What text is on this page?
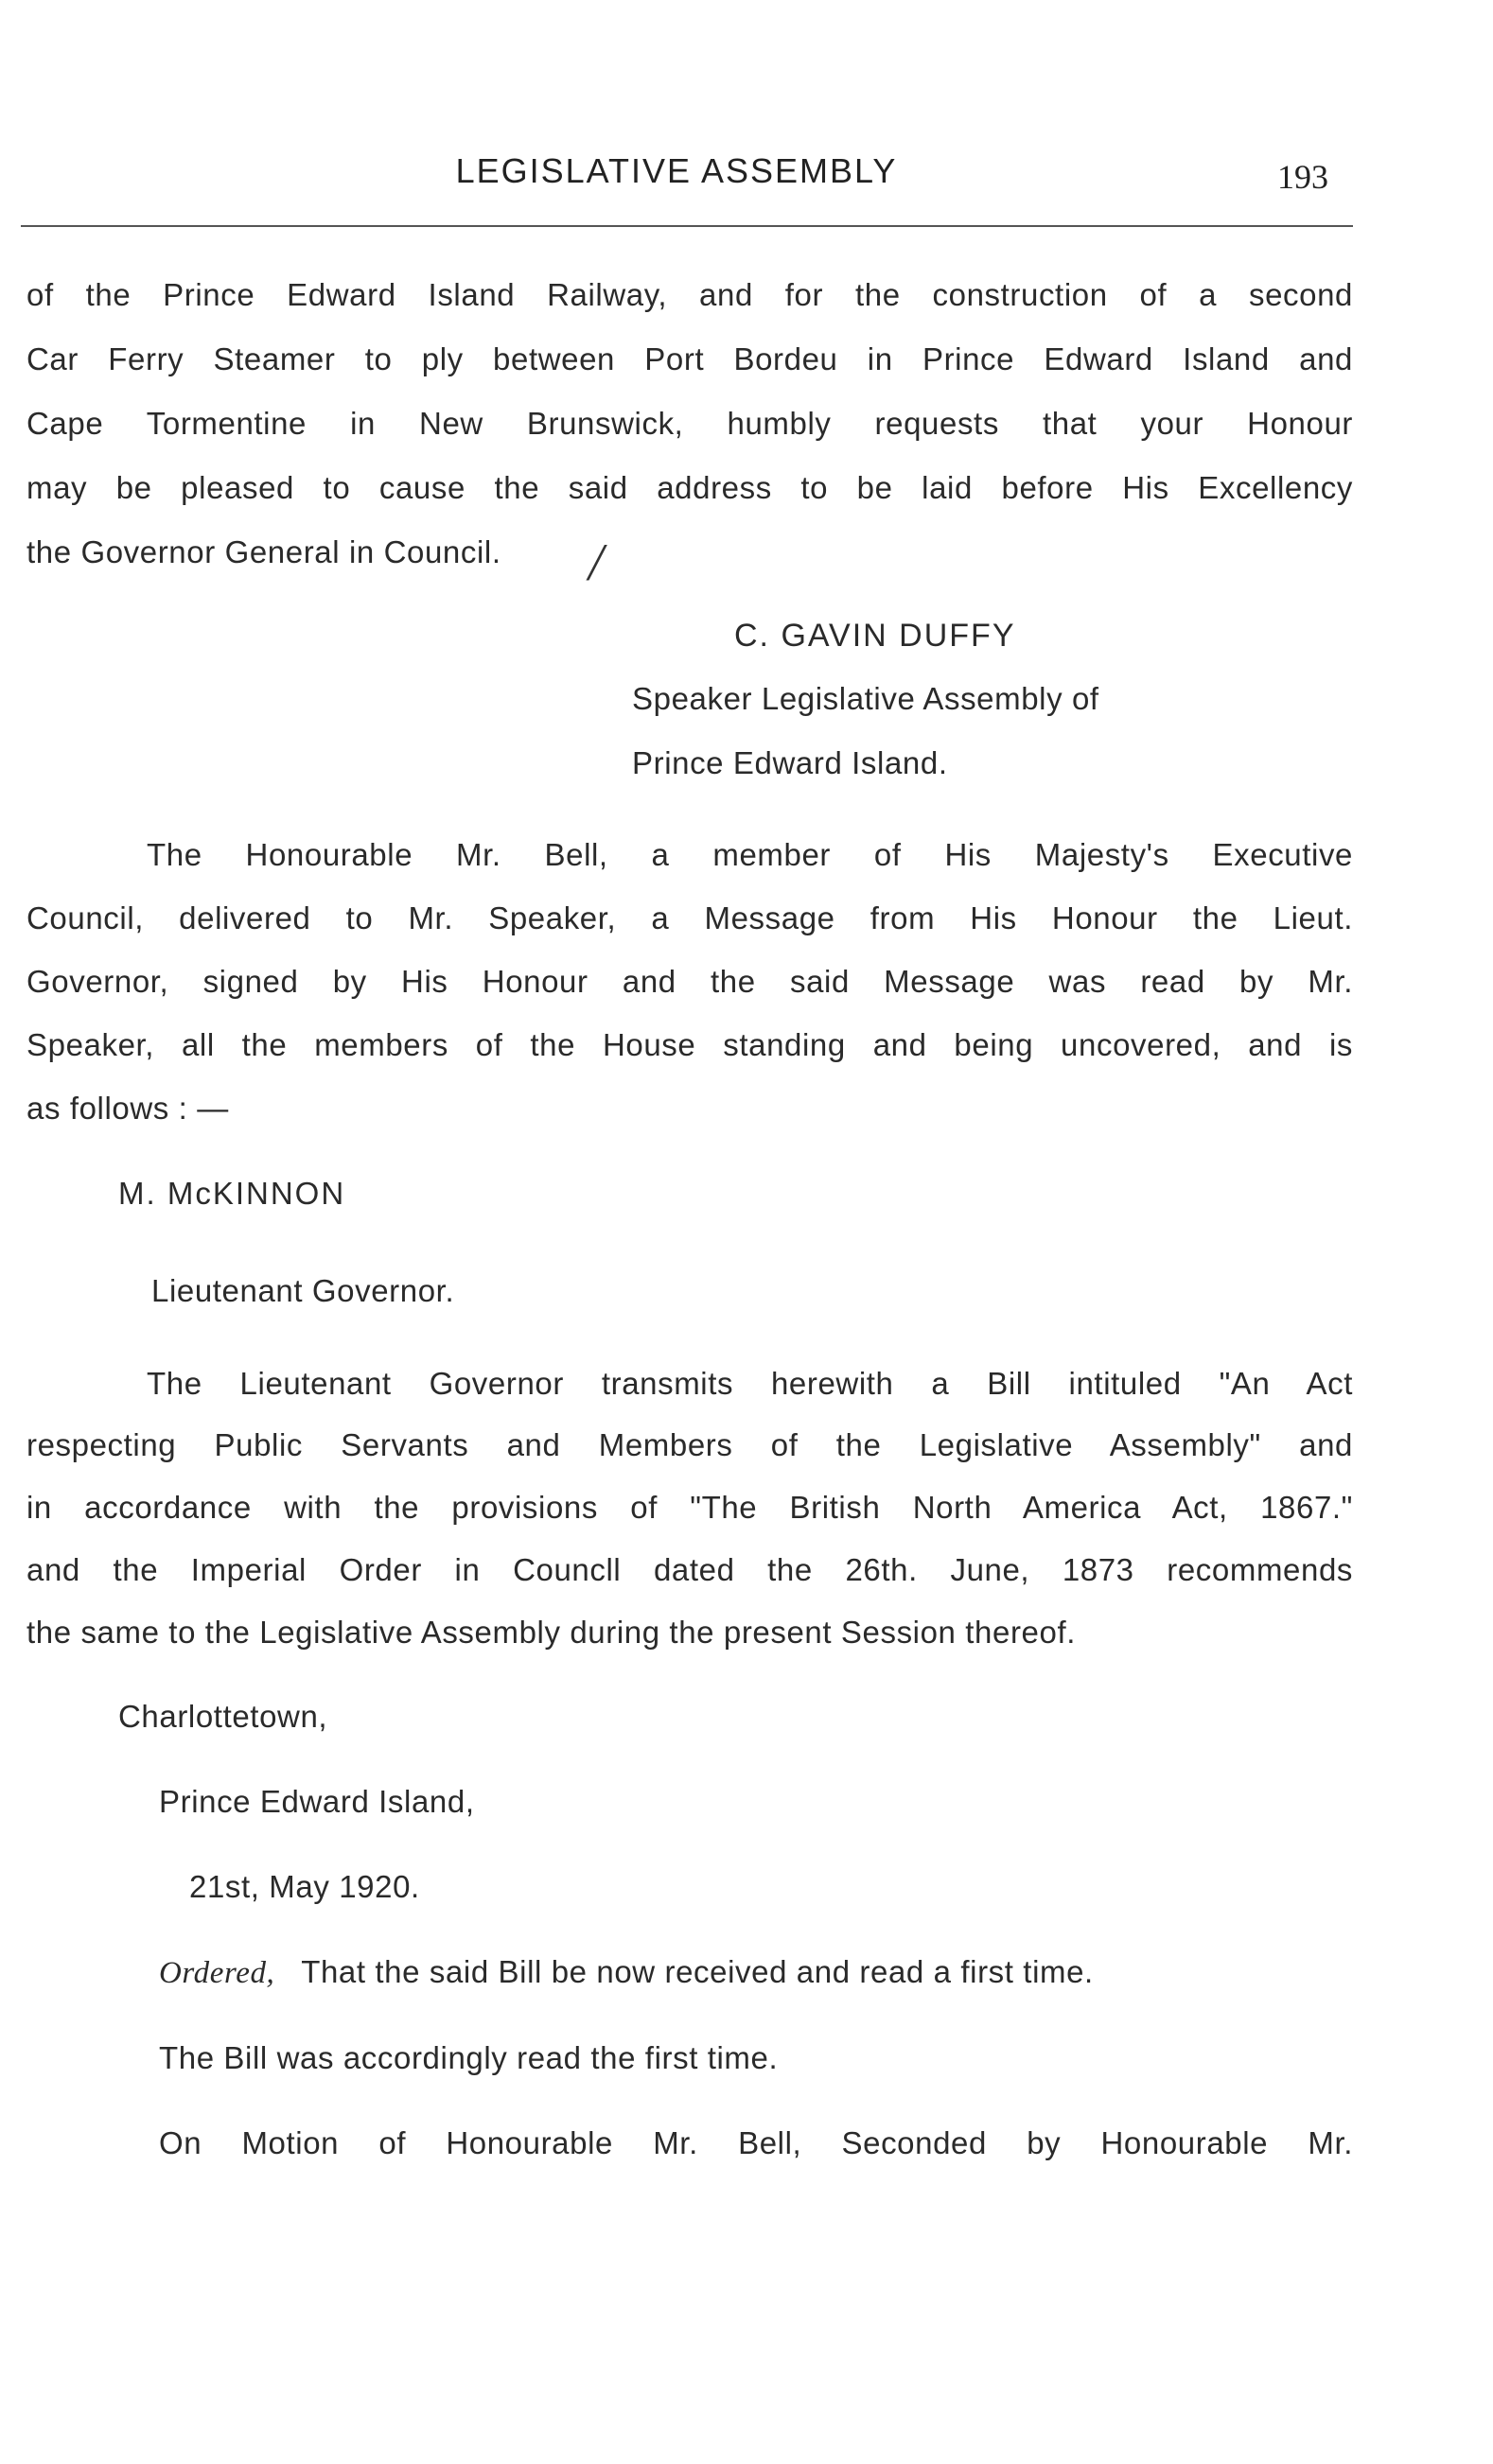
LEGISLATIVE ASSEMBLY	193
of the Prince Edward Island Railway, and for the construction of a second
Car Ferry Steamer to ply between Port Bordeu in Prince Edward Island and
Cape Tormentine in New Brunswick, humbly requests that your Honour
may be pleased to cause the said address to be laid before His Excellency
the Governor General in Council. /
C. GAVIN DUFFY
Speaker Legislative Assembly of
Prince Edward Island.
The Honourable Mr. Bell, a member of His Majesty's Executive
Council, delivered to Mr. Speaker, a Message from His Honour the Lieut.
Governor, signed by His Honour and the said Message was read by Mr.
Speaker, all the members of the House standing and being uncovered, and is
as follows : —
M. McKINNON
Lieutenant Governor.
The Lieutenant Governor transmits herewith a Bill intituled "An Act
respecting Public Servants and Members of the Legislative Assembly" and
in accordance with the provisions of "The British North America Act, 1867."
and the Imperial Order in Councll dated the 26th. June, 1873 recommends
the same to the Legislative Assembly during the present Session thereof.
Charlottetown,
Prince Edward Island,
21st, May 1920.
Ordered, That the said Bill be now received and read a first time.
The Bill was accordingly read the first time.
On Motion of Honourable Mr. Bell, Seconded by Honourable Mr.
